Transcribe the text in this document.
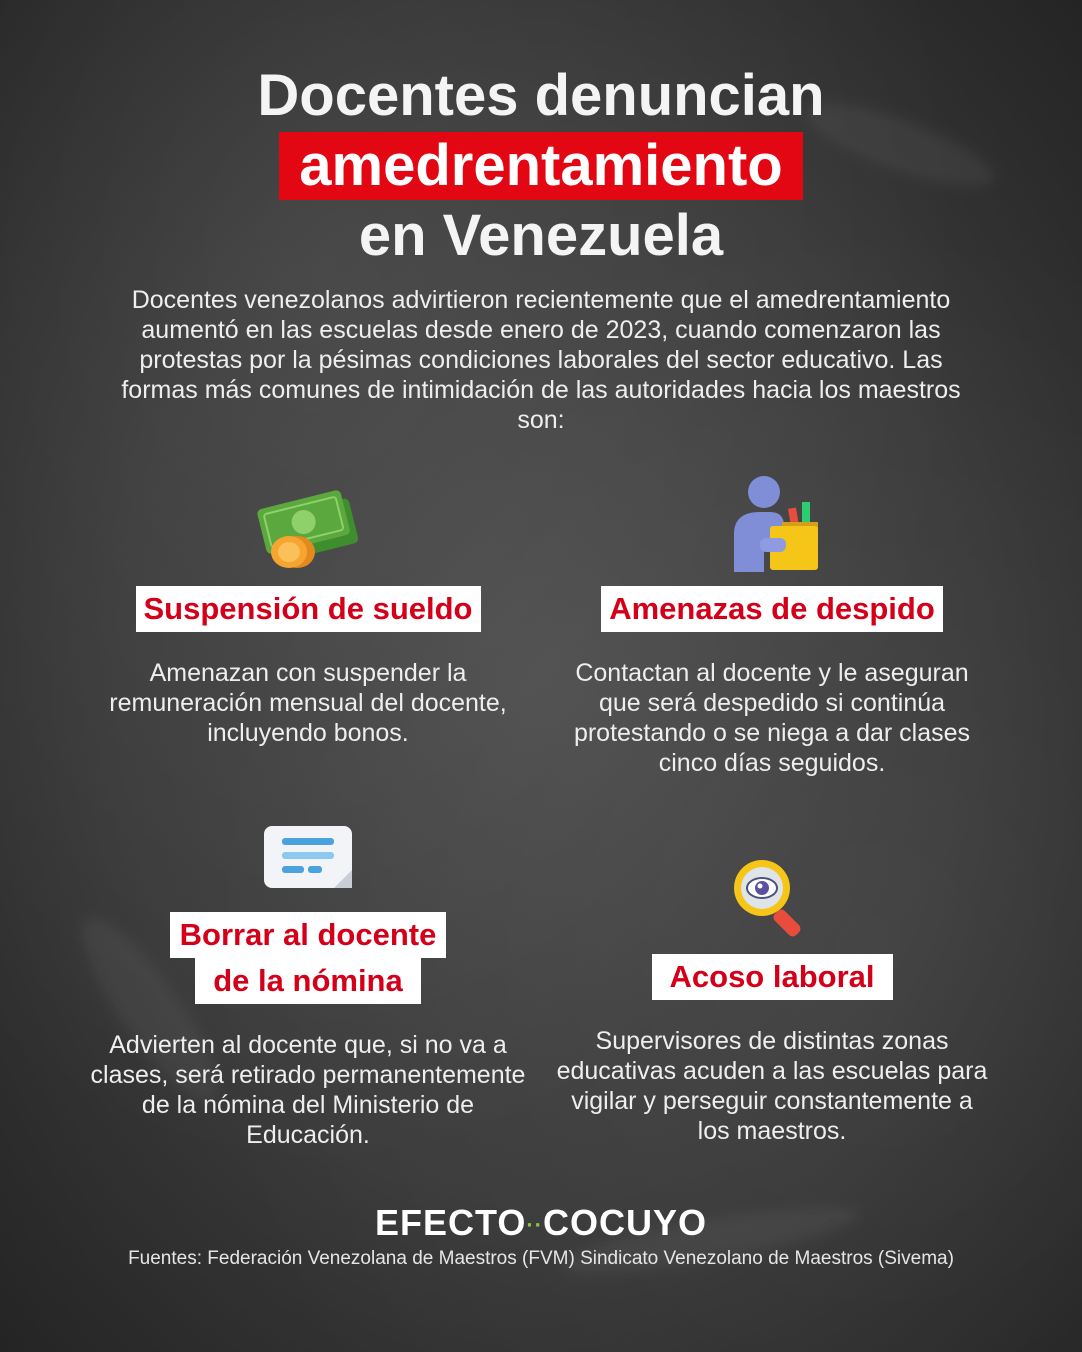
Docentes denuncian
amedrentamiento
en Venezuela
Docentes venezolanos advirtieron recientemente que el amedrentamiento aumentó en las escuelas desde enero de 2023, cuando comenzaron las protestas por la pésimas condiciones laborales del sector educativo. Las formas más comunes de intimidación de las autoridades hacia los maestros son:
Suspensión de sueldo
Amenazan con suspender la remuneración mensual del docente, incluyendo bonos.
Amenazas de despido
Contactan al docente y le aseguran que será despedido si continúa protestando o se niega a dar clases cinco días seguidos.
Borrar al docente
de la nómina
Advierten al docente que, si no va a clases, será retirado permanentemente de la nómina del Ministerio de Educación.
Acoso laboral
Supervisores de distintas zonas educativas acuden a las escuelas para vigilar y perseguir constantemente a los maestros.
EFECTO··COCUYO
Fuentes: Federación Venezolana de Maestros (FVM) Sindicato Venezolano de Maestros (Sivema)
